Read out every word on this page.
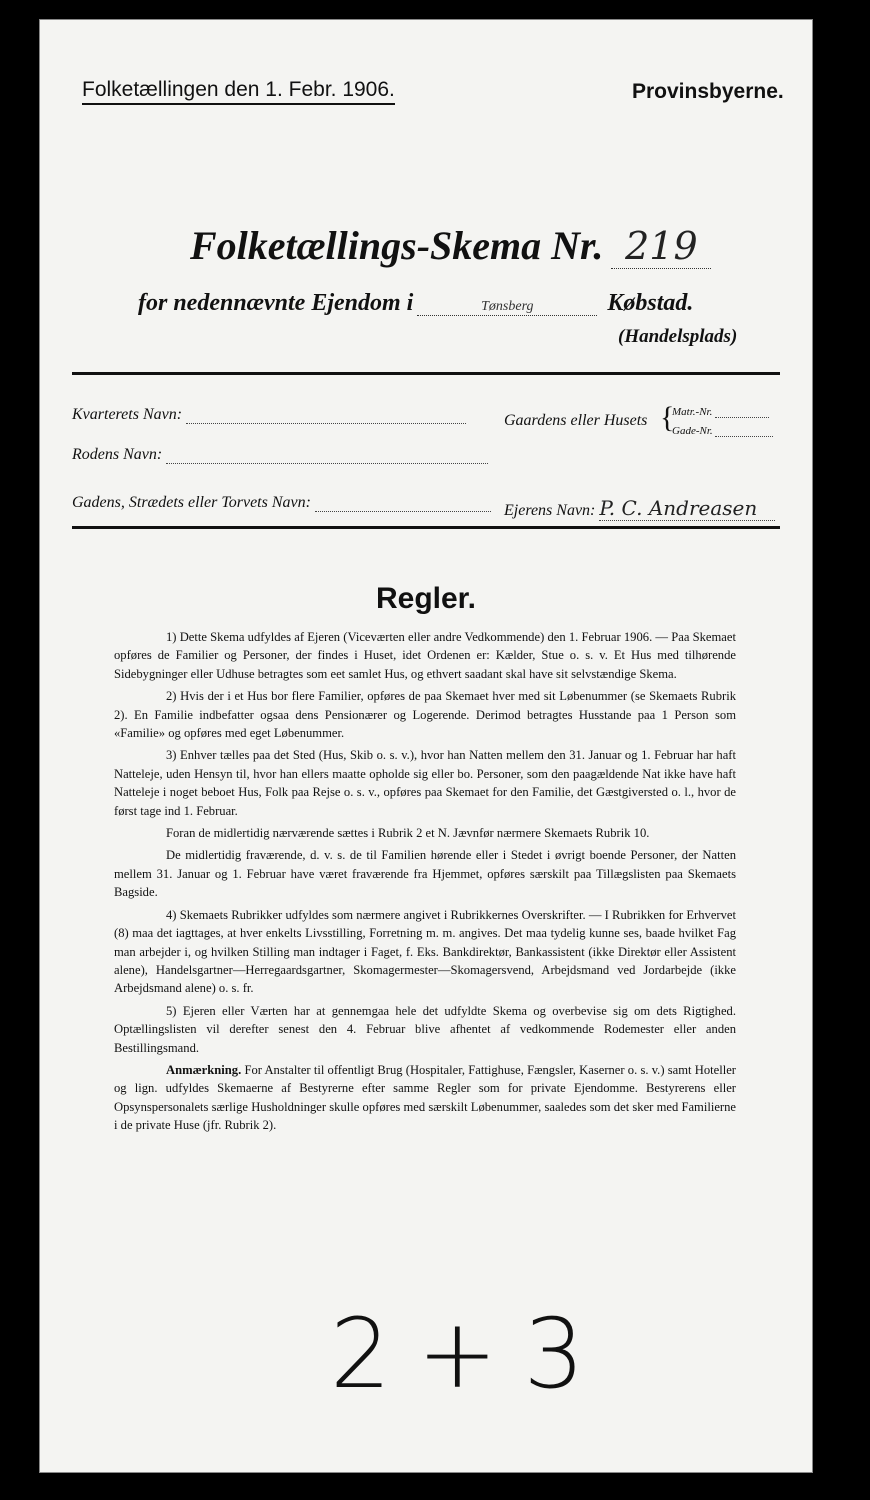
Folketællingen den 1. Febr. 1906.	Provinsbyerne.
Folketællings-Skema Nr. 219
for nedennævnte Ejendom i	Tønsberg	Købstad.
(Handelsplads)
Kvarterets Navn:	Gaardens eller Husets {
Matr.-Nr.
Gade-Nr.
Rodens Navn:
Gadens, Strædets eller Torvets Navn:	Ejerens Navn: P. C. Andreasen
Regler.

1) Dette Skema udfyldes af Ejeren (Viceværten eller andre Vedkommende) den 1. Februar 1906. — Paa Skemaet opføres de Familier og Personer, der findes i Huset, idet Ordenen er: Kælder, Stue o. s. v. Et Hus med tilhørende Sidebygninger eller Udhuse betragtes som eet samlet Hus, og ethvert saadant skal have sit selvstændige Skema.

2) Hvis der i et Hus bor flere Familier, opføres de paa Skemaet hver med sit Løbenummer (se Skemaets Rubrik 2). En Familie indbefatter ogsaa dens Pensionærer og Logerende. Derimod betragtes Husstande paa 1 Person som «Familie» og opføres med eget Løbenummer.

3) Enhver tælles paa det Sted (Hus, Skib o. s. v.), hvor han Natten mellem den 31. Januar og 1. Februar har haft Natteleje, uden Hensyn til, hvor han ellers maatte opholde sig eller bo. Personer, som den paagældende Nat ikke have haft Natteleje i noget beboet Hus, Folk paa Rejse o. s. v., opføres paa Skemaet for den Familie, det Gæstgiversted o. l., hvor de først tage ind 1. Februar.

Foran de midlertidig nærværende sættes i Rubrik 2 et N. Jævnfør nærmere Skemaets Rubrik 10.

De midlertidig fraværende, d. v. s. de til Familien hørende eller i Stedet i øvrigt boende Personer, der Natten mellem 31. Januar og 1. Februar have været fraværende fra Hjemmet, opføres særskilt paa Tillægslisten paa Skemaets Bagside.

4) Skemaets Rubrikker udfyldes som nærmere angivet i Rubrikkernes Overskrifter. — I Rubrikken for Erhvervet (8) maa det iagttages, at hver enkelts Livsstilling, Forretning m. m. angives. Det maa tydelig kunne ses, baade hvilket Fag man arbejder i, og hvilken Stilling man indtager i Faget, f. Eks. Bankdirektør, Bankassistent (ikke Direktør eller Assistent alene), Handelsgartner—Herregaardsgartner, Skomagermester—Skomagersvend, Arbejdsmand ved Jordarbejde (ikke Arbejdsmand alene) o. s. fr.

5) Ejeren eller Værten har at gennemgaa hele det udfyldte Skema og overbevise sig om dets Rigtighed. Optællingslisten vil derefter senest den 4. Februar blive afhentet af vedkommende Rodemester eller anden Bestillingsmand.

Anmærkning. For Anstalter til offentligt Brug (Hospitaler, Fattighuse, Fængsler, Kaserner o. s. v.) samt Hoteller og lign. udfyldes Skemaerne af Bestyrerne efter samme Regler som for private Ejendomme. Bestyrerens eller Opsynspersonalets særlige Husholdninger skulle opføres med særskilt Løbenummer, saaledes som det sker med Familierne i de private Huse (jfr. Rubrik 2).

2+3
